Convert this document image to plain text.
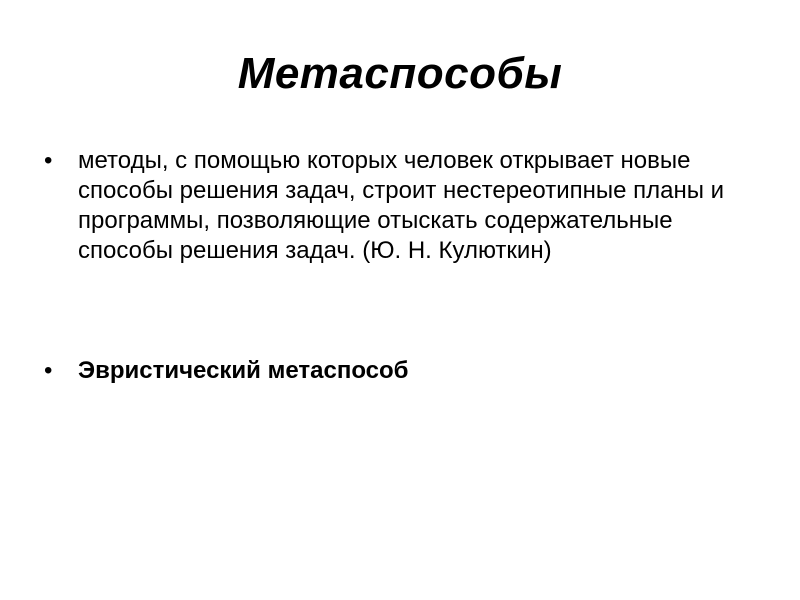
Метаспособы
•	методы, с помощью которых человек открывает новые способы решения задач, строит нестереотипные планы и программы, позволяющие отыскать содержательные способы решения задач. (Ю. Н. Кулюткин)
•	Эвристический метаспособ
